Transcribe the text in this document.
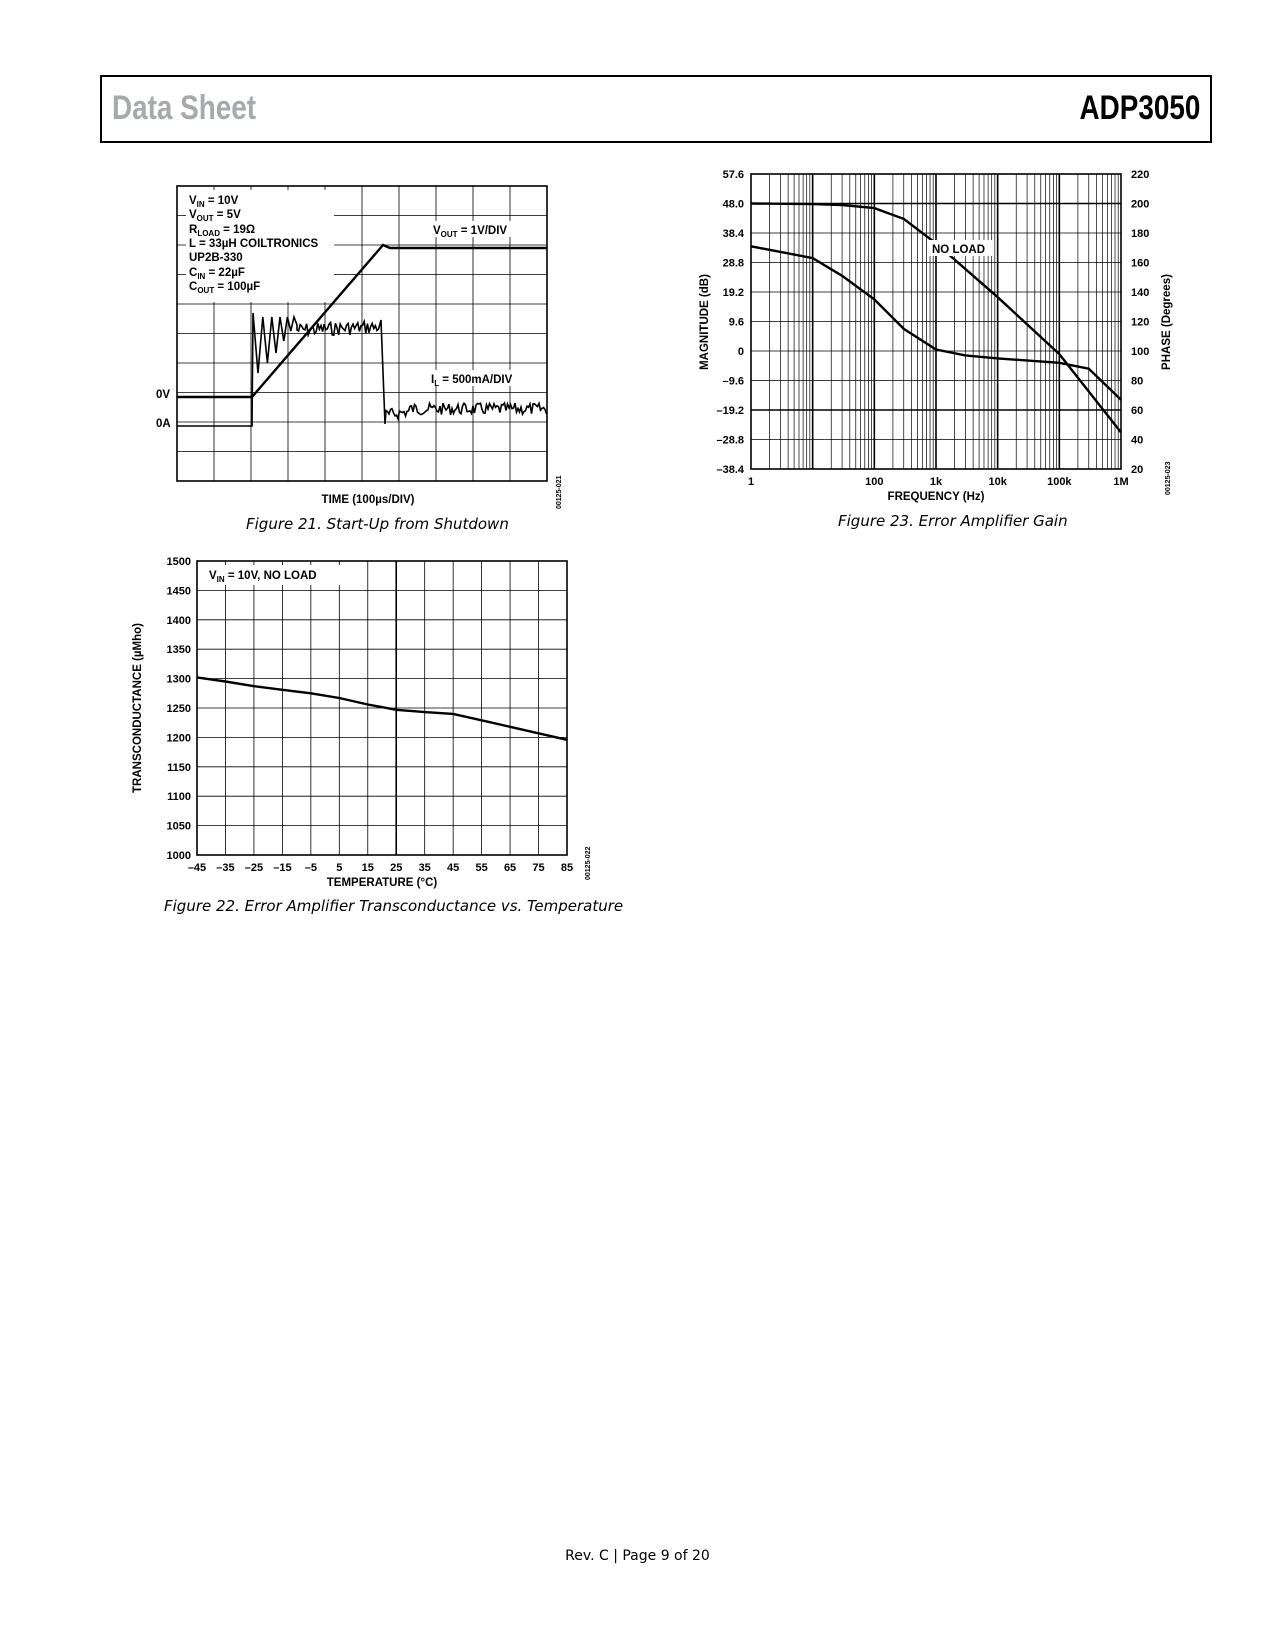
Data Sheet	ADP3050
$V_{IN} = 10V$
$V_{OUT} = 5V$
$R_{LOAD} = 19\Omega$
L = 33µH COILTRONICS
UP2B-330
$C_{IN} = 22\mu F$
$C_{OUT} = 100\mu F$
$V_{OUT} = 1V/DIV$
$I_L = 500mA/DIV$
0V
0A
TIME (100µs/DIV)	00125-021
–45 –35 –25 –15 –5 5 15 25 35 45 55 65 75 85
1000
1050
1100
1150
1200
1250
1300
1350
1400
1450
1500
$V_{IN} = 10V$, NO LOAD
TEMPERATURE (°C)
TRANSCONDUCTANCE (µMho)
00125-022
1	100	1k	10k	100k	1M
57.6
48.0
38.4
28.8
19.2
9.6
0
–9.6
–19.2
–28.8
–38.4
220
200
180
160
140
120
100
80
60
40
20
NO LOAD
FREQUENCY (Hz)
MAGNITUDE (dB)	PHASE (Degrees)
00125-023
Figure 21. Start-Up from Shutdown
Figure 22. Error Amplifier Transconductance vs. Temperature
Figure 23. Error Amplifier Gain
Rev. C | Page 9 of 20
